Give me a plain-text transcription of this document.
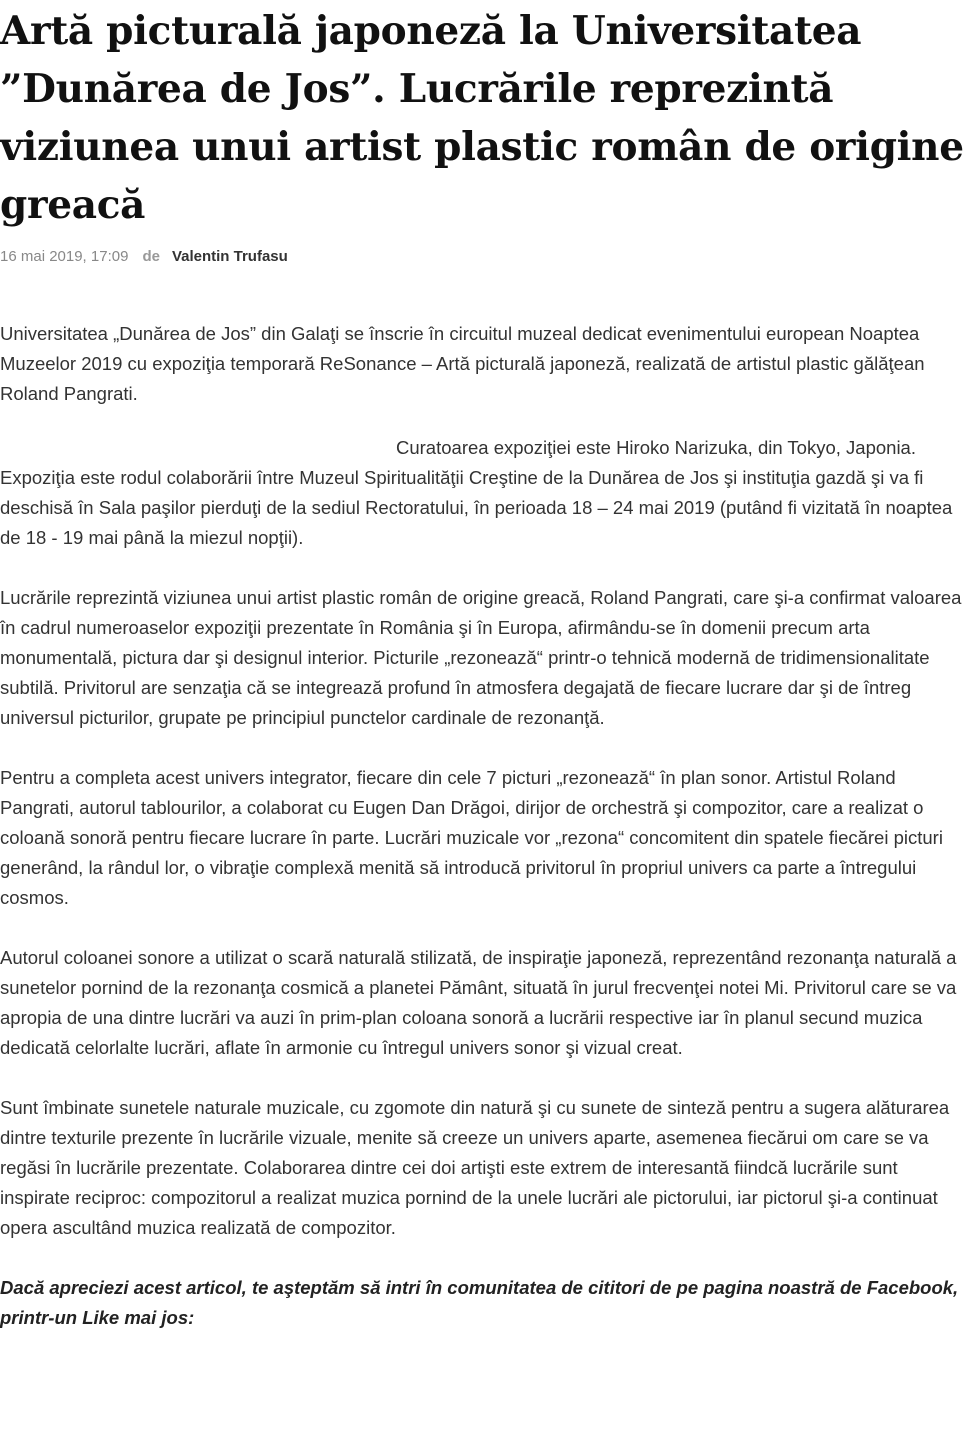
Artă picturală japoneză la Universitatea ”Dunărea de Jos”. Lucrările reprezintă viziunea unui artist plastic român de origine greacă
16 mai 2019, 17:09 de Valentin Trufasu

Universitatea „Dunărea de Jos” din Galaţi se înscrie în circuitul muzeal dedicat evenimentului european Noaptea Muzeelor 2019 cu expoziţia temporară ReSonance – Artă picturală japoneză, realizată de artistul plastic gălăţean Roland Pangrati.

Curatoarea expoziţiei este Hiroko Narizuka, din Tokyo, Japonia. Expoziţia este rodul colaborării între Muzeul Spiritualităţii Creştine de la Dunărea de Jos şi instituţia gazdă şi va fi deschisă în Sala paşilor pierduţi de la sediul Rectoratului, în perioada 18 – 24 mai 2019 (putând fi vizitată în noaptea de 18 - 19 mai până la miezul nopţii).

Lucrările reprezintă viziunea unui artist plastic român de origine greacă, Roland Pangrati, care şi-a confirmat valoarea în cadrul numeroaselor expoziţii prezentate în România şi în Europa, afirmându-se în domenii precum arta monumentală, pictura dar şi designul interior. Picturile „rezonează“ printr-o tehnică modernă de tridimensionalitate subtilă. Privitorul are senzaţia că se integrează profund în atmosfera degajată de fiecare lucrare dar şi de întreg universul picturilor, grupate pe principiul punctelor cardinale de rezonanţă.

Pentru a completa acest univers integrator, fiecare din cele 7 picturi „rezonează“ în plan sonor. Artistul Roland Pangrati, autorul tablourilor, a colaborat cu Eugen Dan Drăgoi, dirijor de orchestră şi compozitor, care a realizat o coloană sonoră pentru fiecare lucrare în parte. Lucrări muzicale vor „rezona“ concomitent din spatele fiecărei picturi generând, la rândul lor, o vibraţie complexă menită să introducă privitorul în propriul univers ca parte a întregului cosmos.

Autorul coloanei sonore a utilizat o scară naturală stilizată, de inspiraţie japoneză, reprezentând rezonanţa naturală a sunetelor pornind de la rezonanţa cosmică a planetei Pământ, situată în jurul frecvenţei notei Mi. Privitorul care se va apropia de una dintre lucrări va auzi în prim-plan coloana sonoră a lucrării respective iar în planul secund muzica dedicată celorlalte lucrări, aflate în armonie cu întregul univers sonor şi vizual creat.

Sunt îmbinate sunetele naturale muzicale, cu zgomote din natură şi cu sunete de sinteză pentru a sugera alăturarea dintre texturile prezente în lucrările vizuale, menite să creeze un univers aparte, asemenea fiecărui om care se va regăsi în lucrările prezentate. Colaborarea dintre cei doi artişti este extrem de interesantă fiindcă lucrările sunt inspirate reciproc: compozitorul a realizat muzica pornind de la unele lucrări ale pictorului, iar pictorul şi-a continuat opera ascultând muzica realizată de compozitor.

Dacă apreciezi acest articol, te aşteptăm să intri în comunitatea de cititori de pe pagina noastră de Facebook, printr-un Like mai jos:
